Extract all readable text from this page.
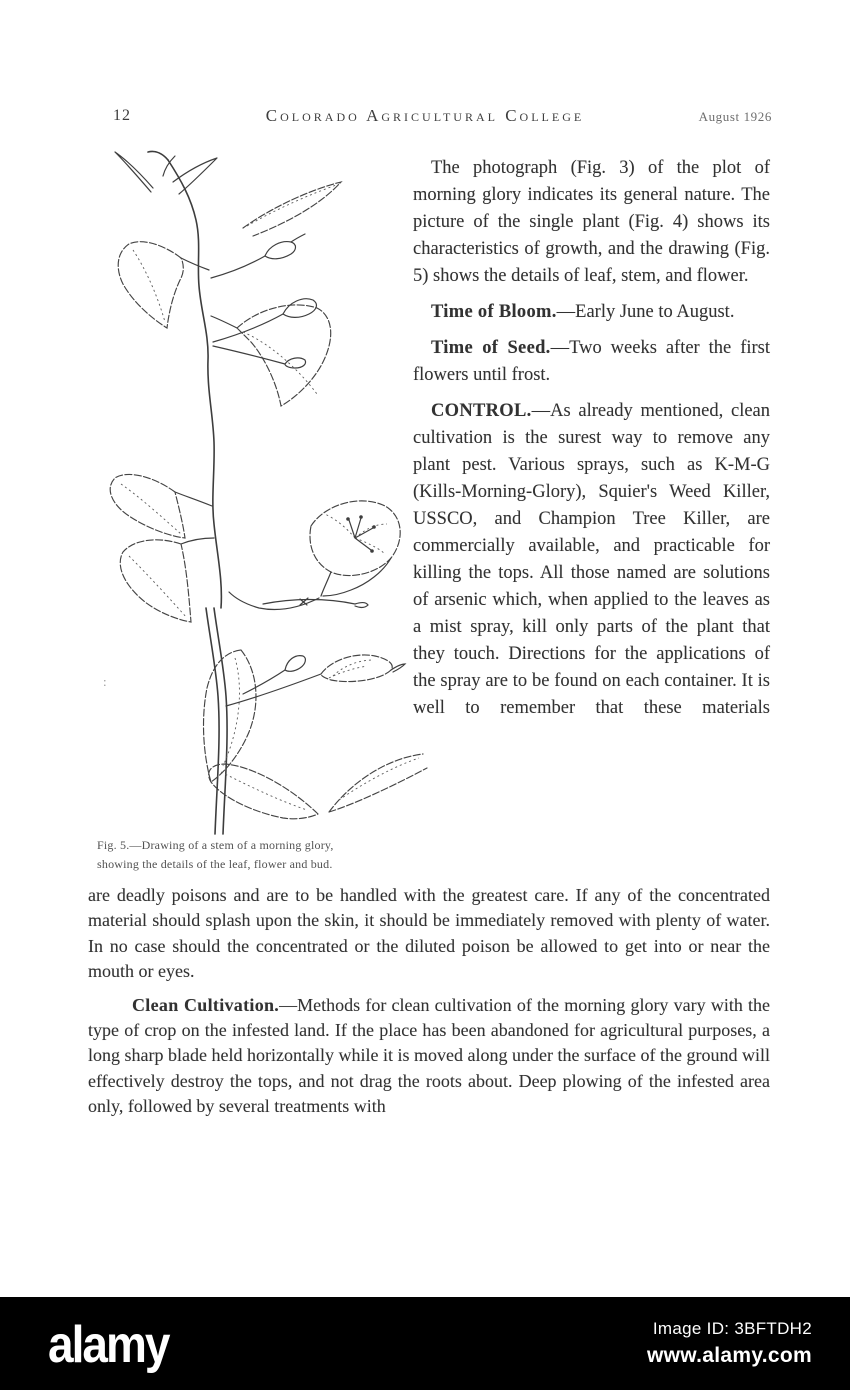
12	Colorado Agricultural College	August 1926
Fig. 5.—Drawing of a stem of a morning glory,
showing the details of the leaf, flower and bud.
:

The photograph (Fig. 3) of the plot of morning glory indicates its general nature. The picture of the single plant (Fig. 4) shows its characteristics of growth, and the drawing (Fig. 5) shows the details of leaf, stem, and flower.

Time of Bloom.—Early June to August.

Time of Seed.—Two weeks after the first flowers until frost.

CONTROL.—As already mentioned, clean cultivation is the surest way to remove any plant pest. Various sprays, such as K-M-G (Kills-Morning-Glory), Squier's Weed Killer, USSCO, and Champion Tree Killer, are commercially available, and practicable for killing the tops. All those named are solutions of arsenic which, when applied to the leaves as a mist spray, kill only parts of the plant that they touch. Directions for the applications of the spray are to be found on each container. It is well to remember that these materials

are deadly poisons and are to be handled with the greatest care. If any of the concentrated material should splash upon the skin, it should be immediately removed with plenty of water. In no case should the concentrated or the diluted poison be allowed to get into or near the mouth or eyes.

Clean Cultivation.—Methods for clean cultivation of the morning glory vary with the type of crop on the infested land. If the place has been abandoned for agricultural purposes, a long sharp blade held horizontally while it is moved along under the surface of the ground will effectively destroy the tops, and not drag the roots about. Deep plowing of the infested area only, followed by several treatments with

alamy	Image ID: 3BFTDH2
www.alamy.com
